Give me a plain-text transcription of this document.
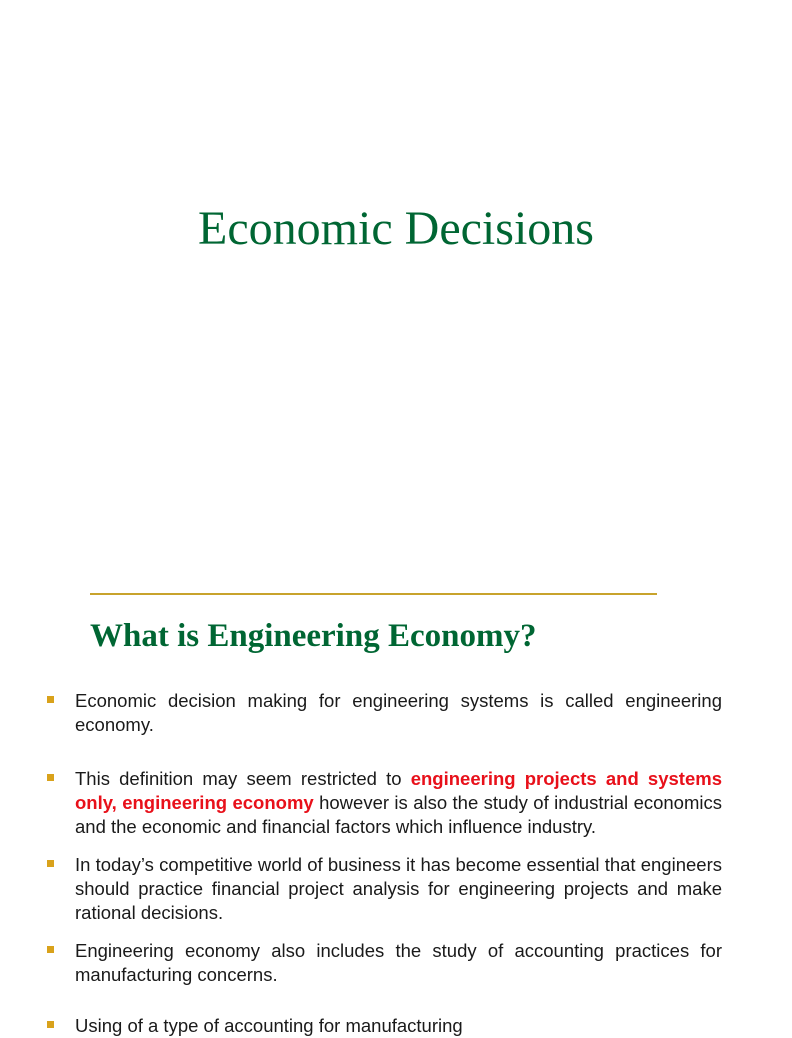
Economic Decisions
What is Engineering Economy?
Economic decision making for engineering systems is called engineering economy.
This definition may seem restricted to engineering projects and systems only, engineering economy however is also the study of industrial economics and the economic and financial factors which influence industry.
In today’s competitive world of business it has become essential that engineers should practice financial project analysis for engineering projects and make rational decisions.
Engineering economy also includes the study of accounting practices for manufacturing concerns.
Using of a type of accounting for manufacturing
